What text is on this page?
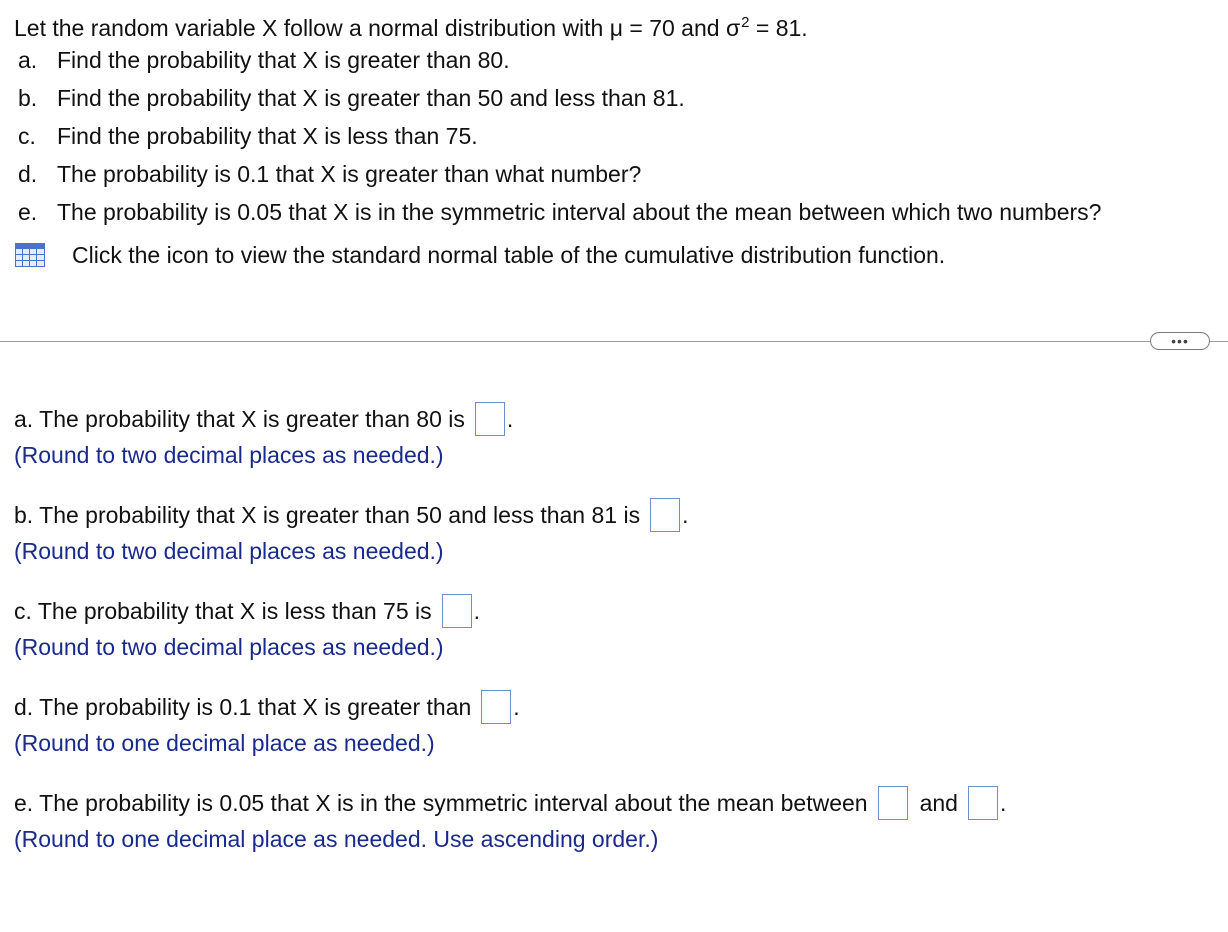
Let the random variable X follow a normal distribution with μ = 70 and $\sigma^2 = 81$.
a. Find the probability that X is greater than 80.
b. Find the probability that X is greater than 50 and less than 81.
c. Find the probability that X is less than 75.
d. The probability is 0.1 that X is greater than what number?
e. The probability is 0.05 that X is in the symmetric interval about the mean between which two numbers?
Click the icon to view the standard normal table of the cumulative distribution function.
•••
a. The probability that X is greater than 80 is .
(Round to two decimal places as needed.)
b. The probability that X is greater than 50 and less than 81 is .
(Round to two decimal places as needed.)
c. The probability that X is less than 75 is .
(Round to two decimal places as needed.)
d. The probability is 0.1 that X is greater than .
(Round to one decimal place as needed.)
e. The probability is 0.05 that X is in the symmetric interval about the mean between and .
(Round to one decimal place as needed. Use ascending order.)
